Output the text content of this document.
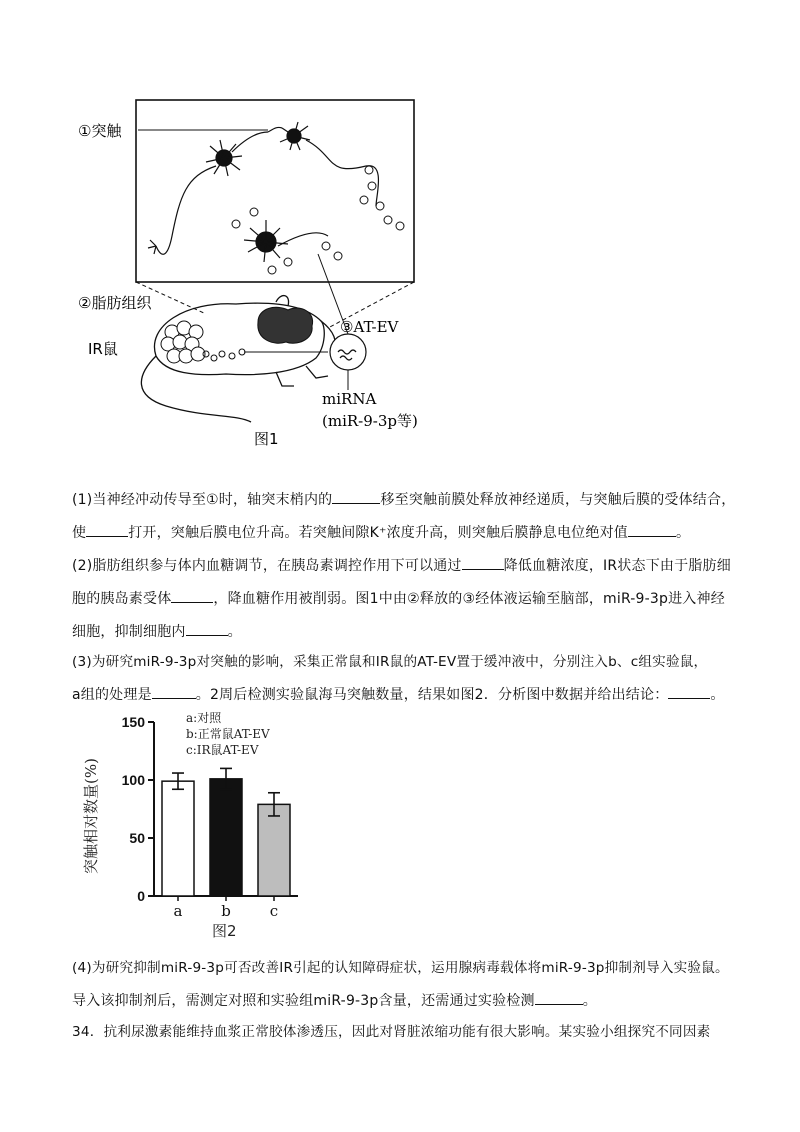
①突触
②脂肪组织
IR鼠
③AT-EV
miRNA
(miR-9-3p等)
图1
(1)当神经冲动传导至①时，轴突末梢内的	移至突触前膜处释放神经递质，与突触后膜的受体结合，
使	打开，突触后膜电位升高。若突触间隙K⁺浓度升高，则突触后膜静息电位绝对值	。
(2)脂肪组织参与体内血糖调节，在胰岛素调控作用下可以通过	降低血糖浓度，IR状态下由于脂肪细
胞的胰岛素受体	，降血糖作用被削弱。图1中由②释放的③经体液运输至脑部，miR-9-3p进入神经
细胞，抑制细胞内	。
(3)为研究miR-9-3p对突触的影响，采集正常鼠和IR鼠的AT-EV置于缓冲液中，分别注入b、c组实验鼠，
a组的处理是	。2周后检测实验鼠海马突触数量，结果如图2．分析图中数据并给出结论：	。
0
50
100
150
a	b	c
突触相对数量(%)
a:对照
b:正常鼠AT-EV
c:IR鼠AT-EV
图2
(4)为研究抑制miR-9-3p可否改善IR引起的认知障碍症状，运用腺病毒载体将miR-9-3p抑制剂导入实验鼠。
导入该抑制剂后，需测定对照和实验组miR-9-3p含量，还需通过实验检测	。
34．抗利尿激素能维持血浆正常胶体渗透压，因此对肾脏浓缩功能有很大影响。某实验小组探究不同因素
